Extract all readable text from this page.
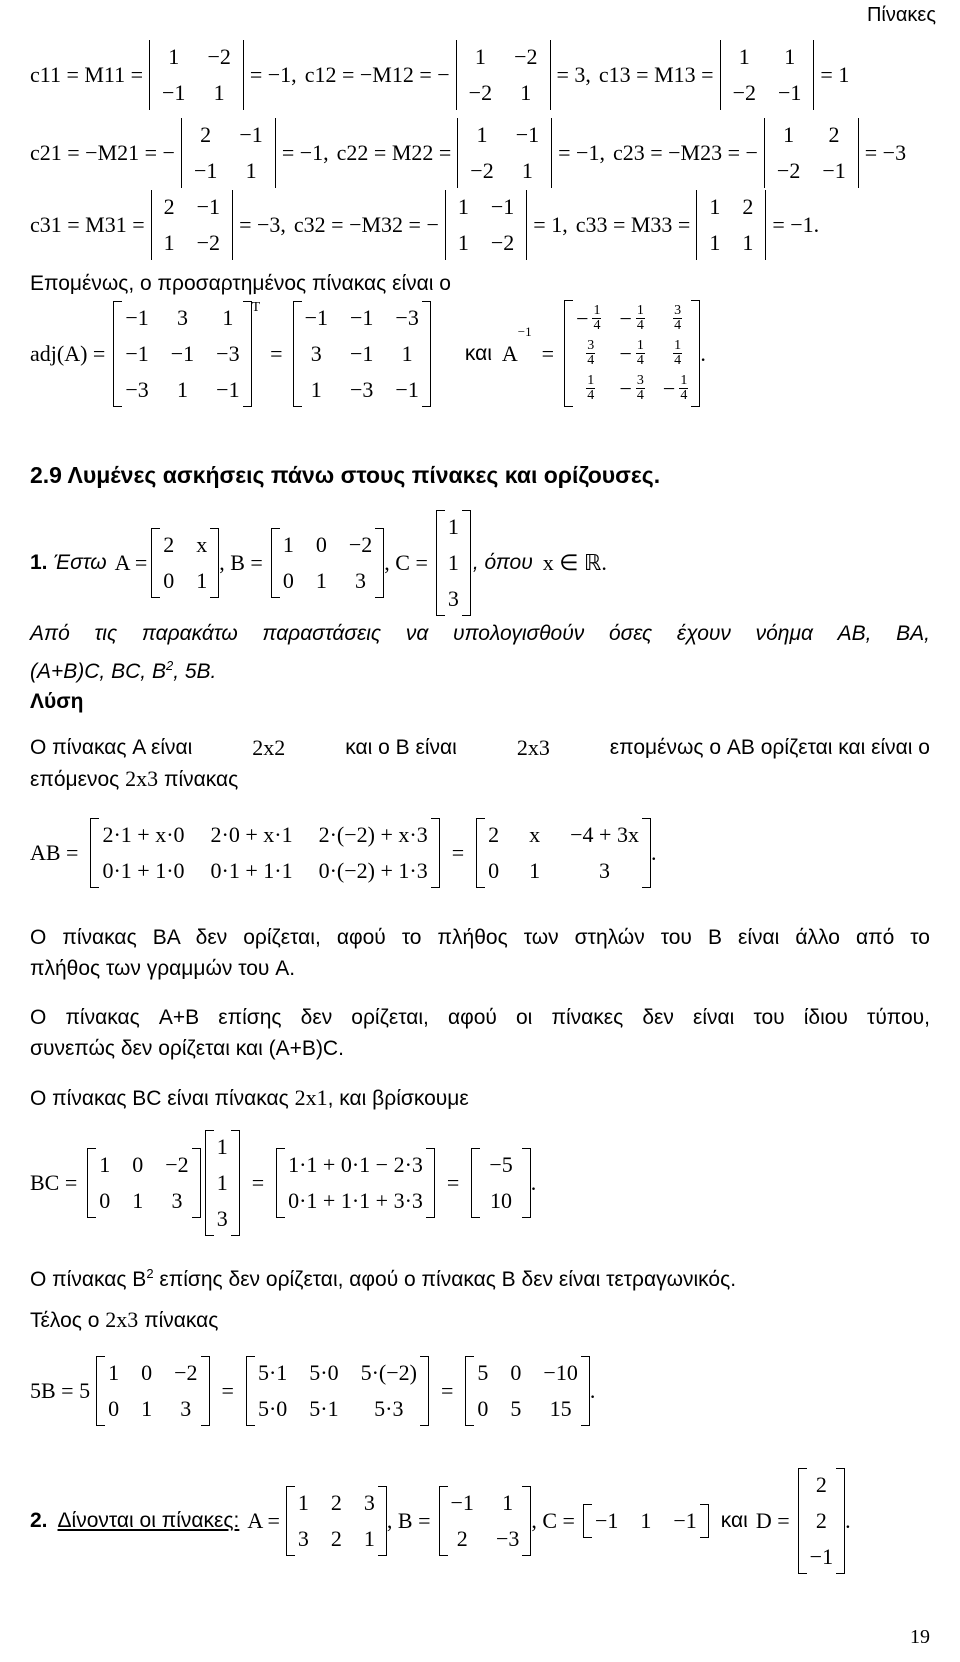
Πίνακες
c11 = M11 =
1 −2
−1 1
= −1, c12 = −M12 = −
1 −2
−2 1
= 3, c13 = M13 =
1 1
−2 −1
= 1
c21 = −M21 = −
2 −1
−1 1
= −1, c22 = M22 =
1 −1
−2 1
= −1, c23 = −M23 = −
1 2
−2 −1
= −3
c31 = M31 =
2 −1
1 −2
= −3, c32 = −M32 = −
1 −1
1 −2
= 1, c33 = M33 =
1 2
1 1
= −1.
Επομένως, ο προσαρτημένος πίνακας είναι ο
adj(A) =
−1 3 1
−1 −1 −3
−3 1 −1
T
=
−1 −1 −3
3 −1 1
1 −3 −1
και A
−1
=
− $\frac{1}{4} - \frac{1}{4} \frac{3}{4}$
$\frac{3}{4} - \frac{1}{4} \frac{1}{4}$
$\frac{1}{4} - \frac{3}{4} - \frac{1}{4}$
.
2.9 Λυμένες ασκήσεις πάνω στους πίνακες και ορίζουσες.
1. Έστω A =
2 x
0 1
, B =
1 0 −2
0 1 3
, C =
1
1
3
, όπου x ∈ ℝ.
Από τις παρακάτω παραστάσεις να υπολογισθούν όσες έχουν νόημα AB, BA,
(A+B)C, BC, $B^2$, 5B.
Λύση
Ο πίνακας A είναι	2x2	και ο B είναι	2x3	επομένως ο AB ορίζεται και είναι ο
επόμενος 2x3 πίνακας
AB =
2·1 + x·0 2·0 + x·1 2·(−2) + x·3
0·1 + 1·0 0·1 + 1·1 0·(−2) + 1·3
=
2 x −4 + 3x
0 1	3
.
Ο πίνακας BA δεν ορίζεται, αφού το πλήθος των στηλών του B είναι άλλο από το
πλήθος των γραμμών του A.
Ο πίνακας A+B επίσης δεν ορίζεται, αφού οι πίνακες δεν είναι του ίδιου τύπου,
συνεπώς δεν ορίζεται και (A+B)C.
Ο πίνακας BC είναι πίνακας 2x1, και βρίσκουμε
BC =
1 0 −2
0 1 3
1
1
3
=
1·1 + 0·1 − 2·3
0·1 + 1·1 + 3·3
=
−5
10
.
Ο πίνακας $B^2$ επίσης δεν ορίζεται, αφού ο πίνακας B δεν είναι τετραγωνικός.
Τέλος ο 2x3 πίνακας
5B = 5
1 0 −2
0 1 3
=
5·1 5·0 5·(−2)
5·0 5·1 5·3
=
5 0 −10
0 5 15
.
2. Δίνονται οι πίνακες: A =
1 2 3
3 2 1
, B =
−1 1
2 −3
, C = −1 1 −1 και D =
2
2
−1
.
19
